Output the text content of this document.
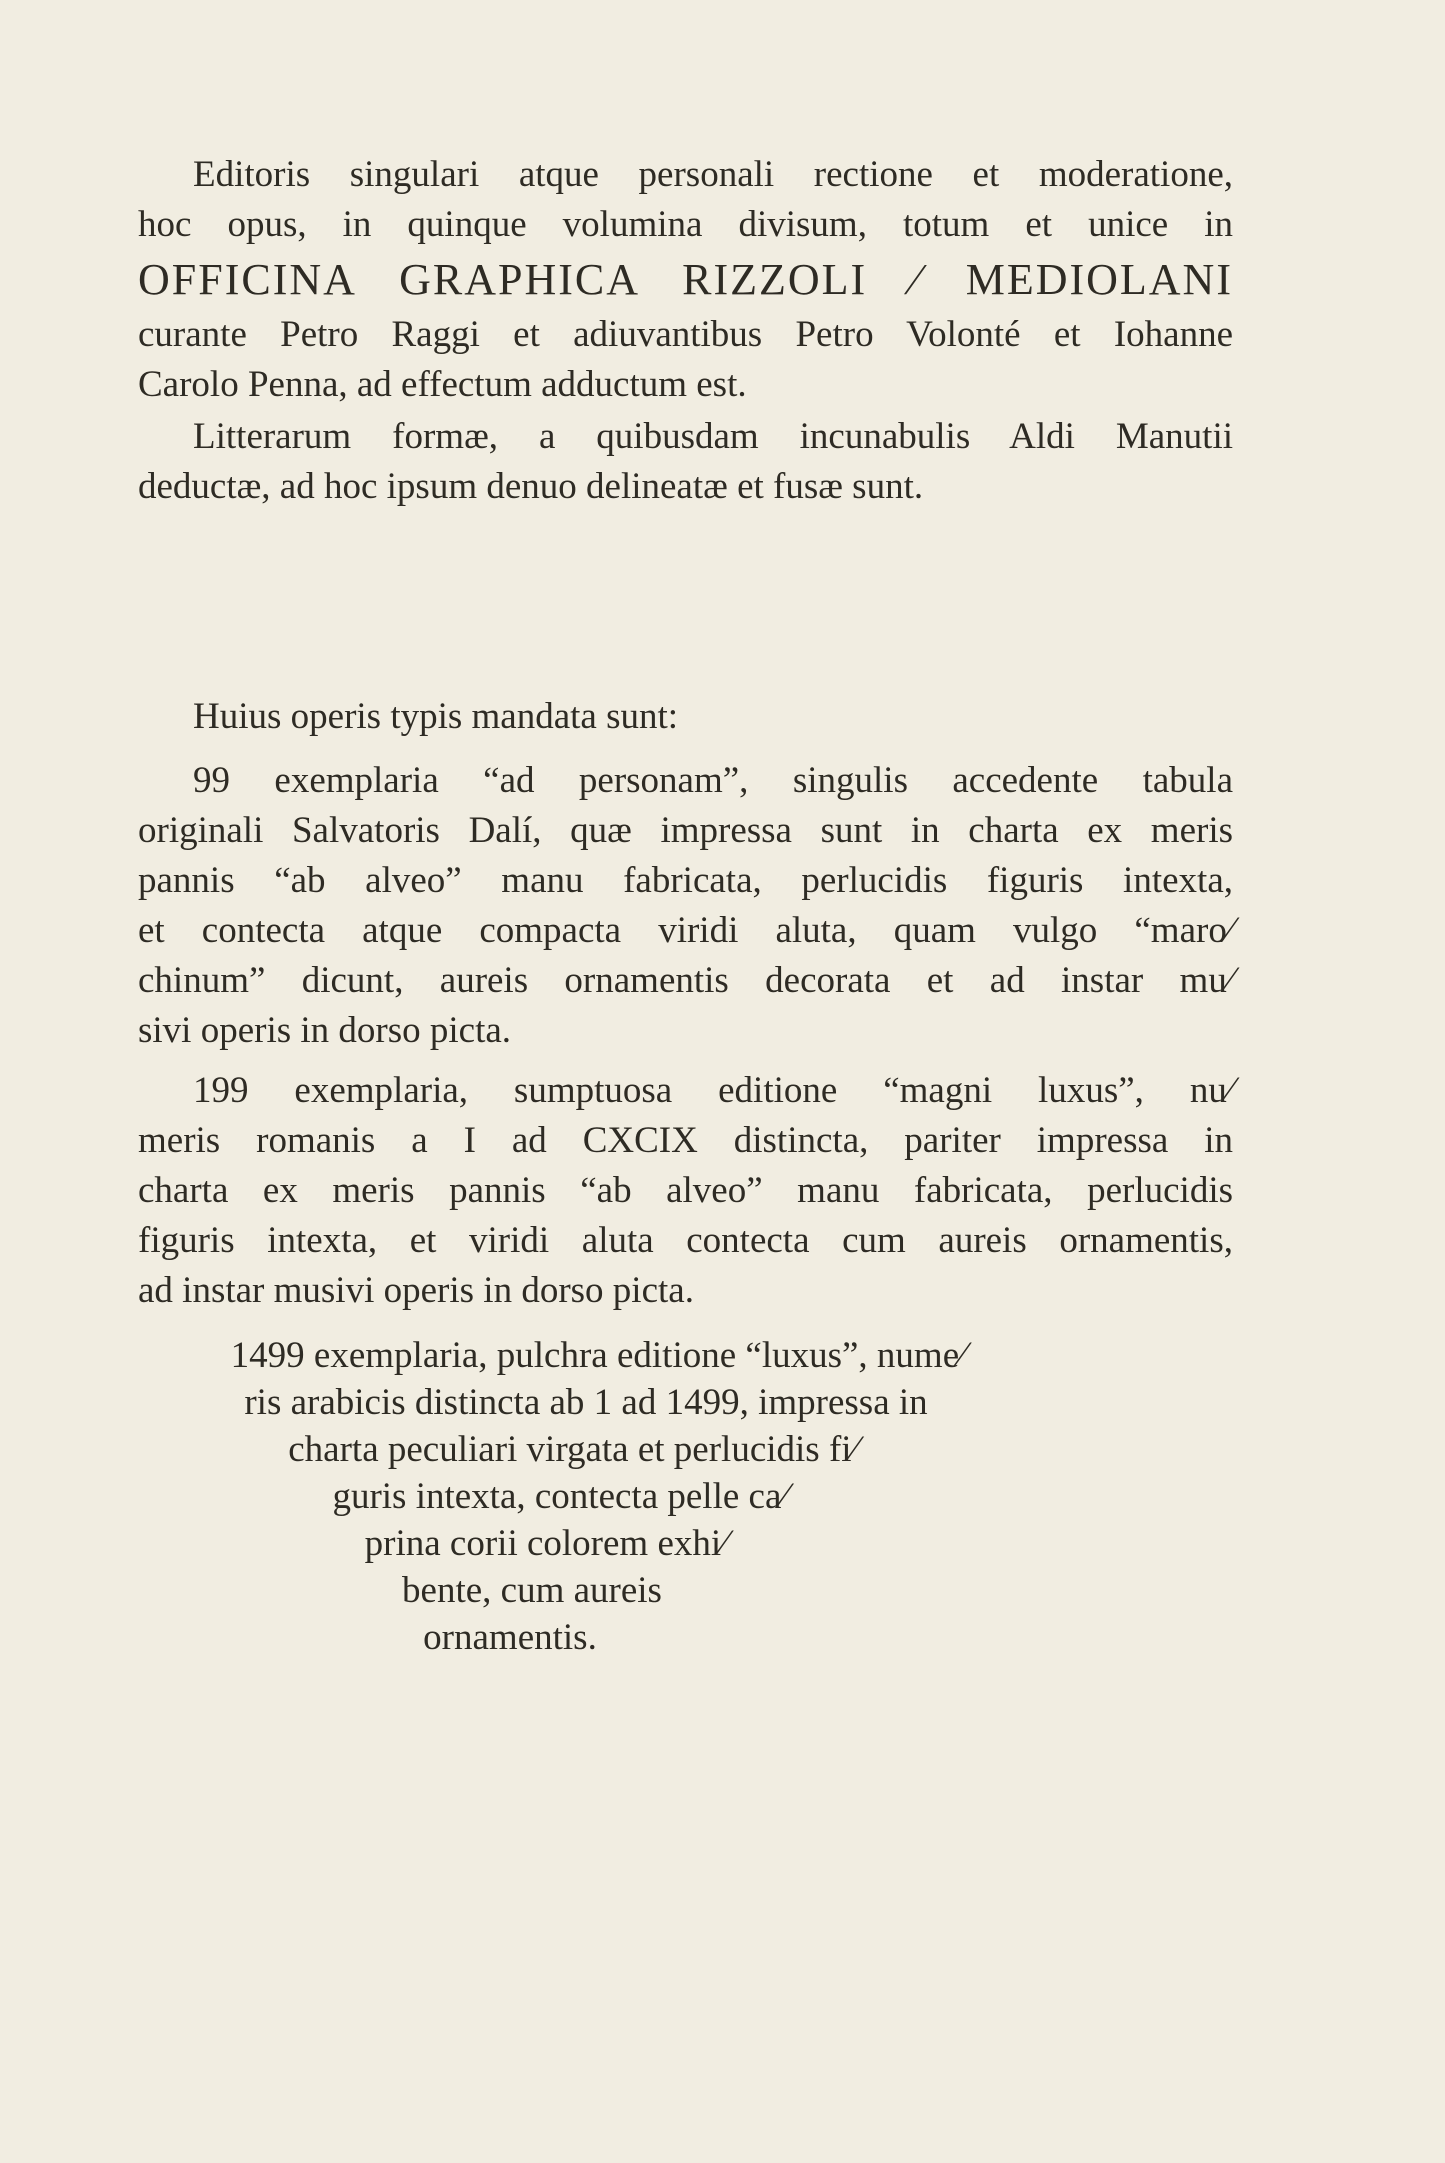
Editoris singulari atque personali rectione et moderatione,
hoc opus, in quinque volumina divisum, totum et unice in
OFFICINA GRAPHICA RIZZOLI ⁄ MEDIOLANI
curante Petro Raggi et adiuvantibus Petro Volonté et Iohanne
Carolo Penna, ad effectum adductum est.
Litterarum formæ, a quibusdam incunabulis Aldi Manutii
deductæ, ad hoc ipsum denuo delineatæ et fusæ sunt.
Huius operis typis mandata sunt:
99 exemplaria “ad personam”, singulis accedente tabula
originali Salvatoris Dalí, quæ impressa sunt in charta ex meris
pannis “ab alveo” manu fabricata, perlucidis figuris intexta,
et contecta atque compacta viridi aluta, quam vulgo “maro⁄
chinum” dicunt, aureis ornamentis decorata et ad instar mu⁄
sivi operis in dorso picta.
199 exemplaria, sumptuosa editione “magni luxus”, nu⁄
meris romanis a I ad CXCIX distincta, pariter impressa in
charta ex meris pannis “ab alveo” manu fabricata, perlucidis
figuris intexta, et viridi aluta contecta cum aureis ornamentis,
ad instar musivi operis in dorso picta.
1499 exemplaria, pulchra editione “luxus”, nume⁄
ris arabicis distincta ab 1 ad 1499, impressa in
charta peculiari virgata et perlucidis fi⁄
guris intexta, contecta pelle ca⁄
prina corii colorem exhi⁄
bente, cum aureis
ornamentis.
